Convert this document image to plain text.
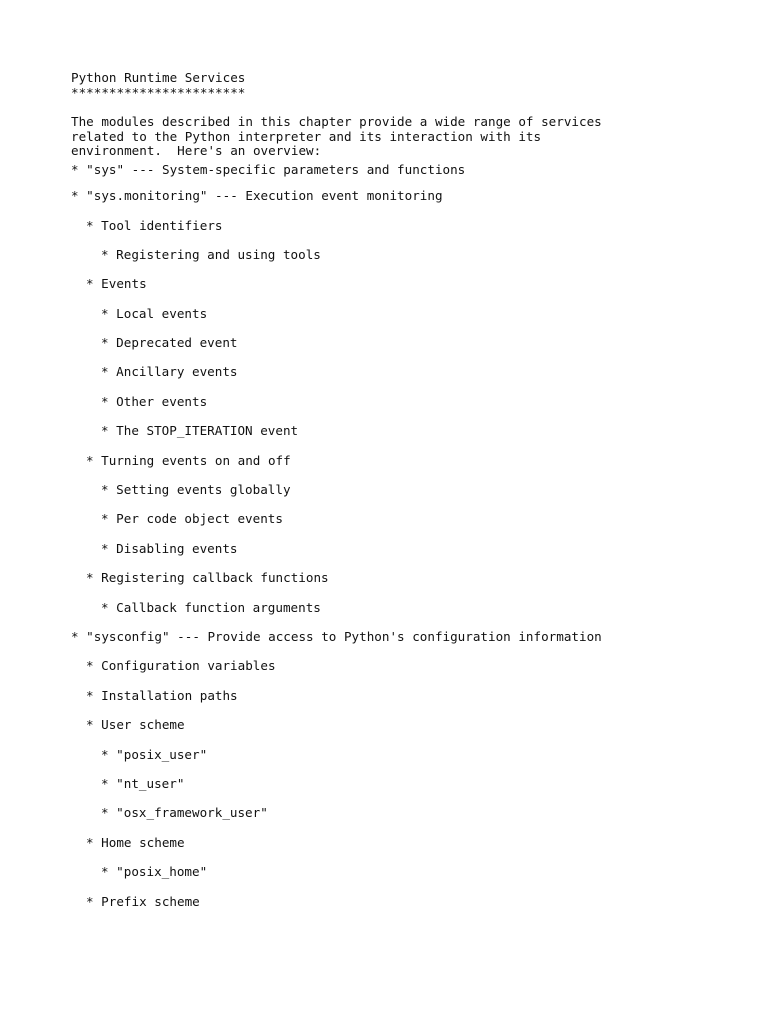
Python Runtime Services
***********************
The modules described in this chapter provide a wide range of services
related to the Python interpreter and its interaction with its
environment.  Here's an overview:
* "sys" --- System-specific parameters and functions
* "sys.monitoring" --- Execution event monitoring
* Tool identifiers
* Registering and using tools
* Events
* Local events
* Deprecated event
* Ancillary events
* Other events
* The STOP_ITERATION event
* Turning events on and off
* Setting events globally
* Per code object events
* Disabling events
* Registering callback functions
* Callback function arguments
* "sysconfig" --- Provide access to Python's configuration information
* Configuration variables
* Installation paths
* User scheme
* "posix_user"
* "nt_user"
* "osx_framework_user"
* Home scheme
* "posix_home"
* Prefix scheme
